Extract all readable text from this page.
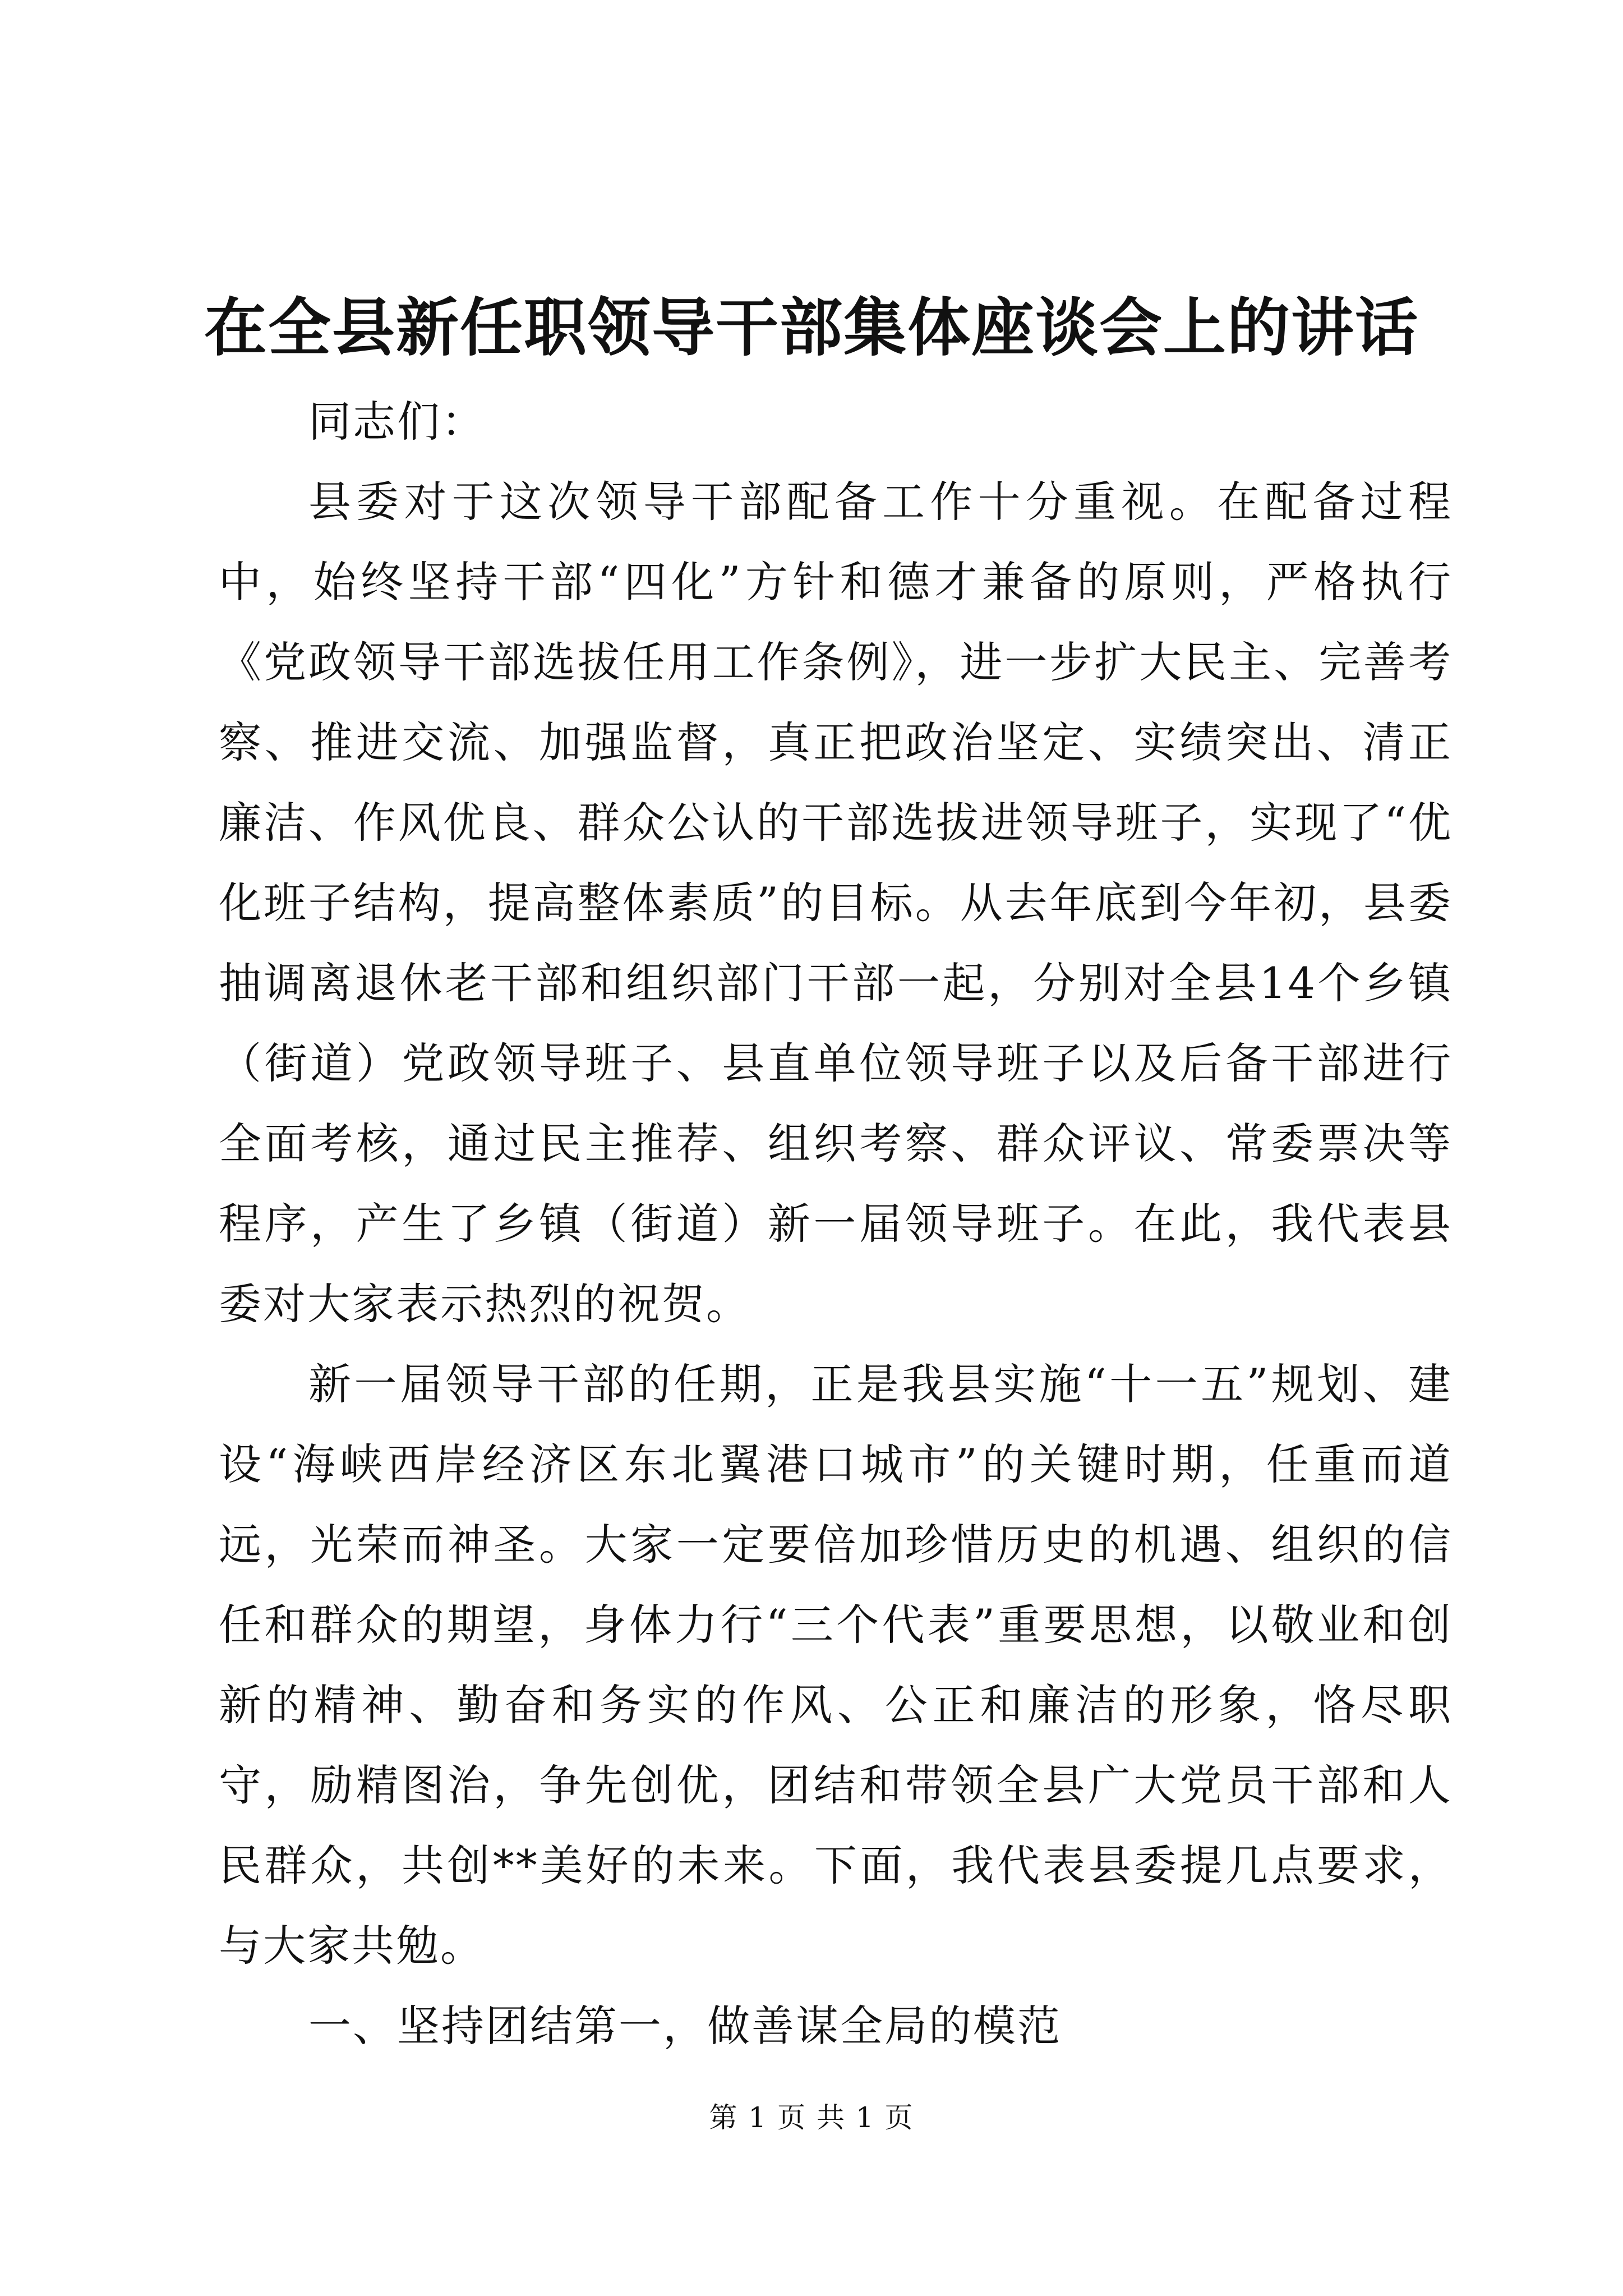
在全县新任职领导干部集体座谈会上的讲话

同志们：

县委对于这次领导干部配备工作十分重视。在配备过程中，始终坚持干部“四化”方针和德才兼备的原则，严格执行《党政领导干部选拔任用工作条例》，进一步扩大民主、完善考察、推进交流、加强监督，真正把政治坚定、实绩突出、清正廉洁、作风优良、群众公认的干部选拔进领导班子，实现了“优化班子结构，提高整体素质”的目标。从去年底到今年初，县委抽调离退休老干部和组织部门干部一起，分别对全县14个乡镇（街道）党政领导班子、县直单位领导班子以及后备干部进行全面考核，通过民主推荐、组织考察、群众评议、常委票决等程序，产生了乡镇（街道）新一届领导班子。在此，我代表县委对大家表示热烈的祝贺。

新一届领导干部的任期，正是我县实施“十一五”规划、建设“海峡西岸经济区东北翼港口城市”的关键时期，任重而道远，光荣而神圣。大家一定要倍加珍惜历史的机遇、组织的信任和群众的期望，身体力行“三个代表”重要思想，以敬业和创新的精神、勤奋和务实的作风、公正和廉洁的形象，恪尽职守，励精图治，争先创优，团结和带领全县广大党员干部和人民群众，共创**美好的未来。下面，我代表县委提几点要求，与大家共勉。

一、坚持团结第一，做善谋全局的模范

第 1 页 共 1 页
